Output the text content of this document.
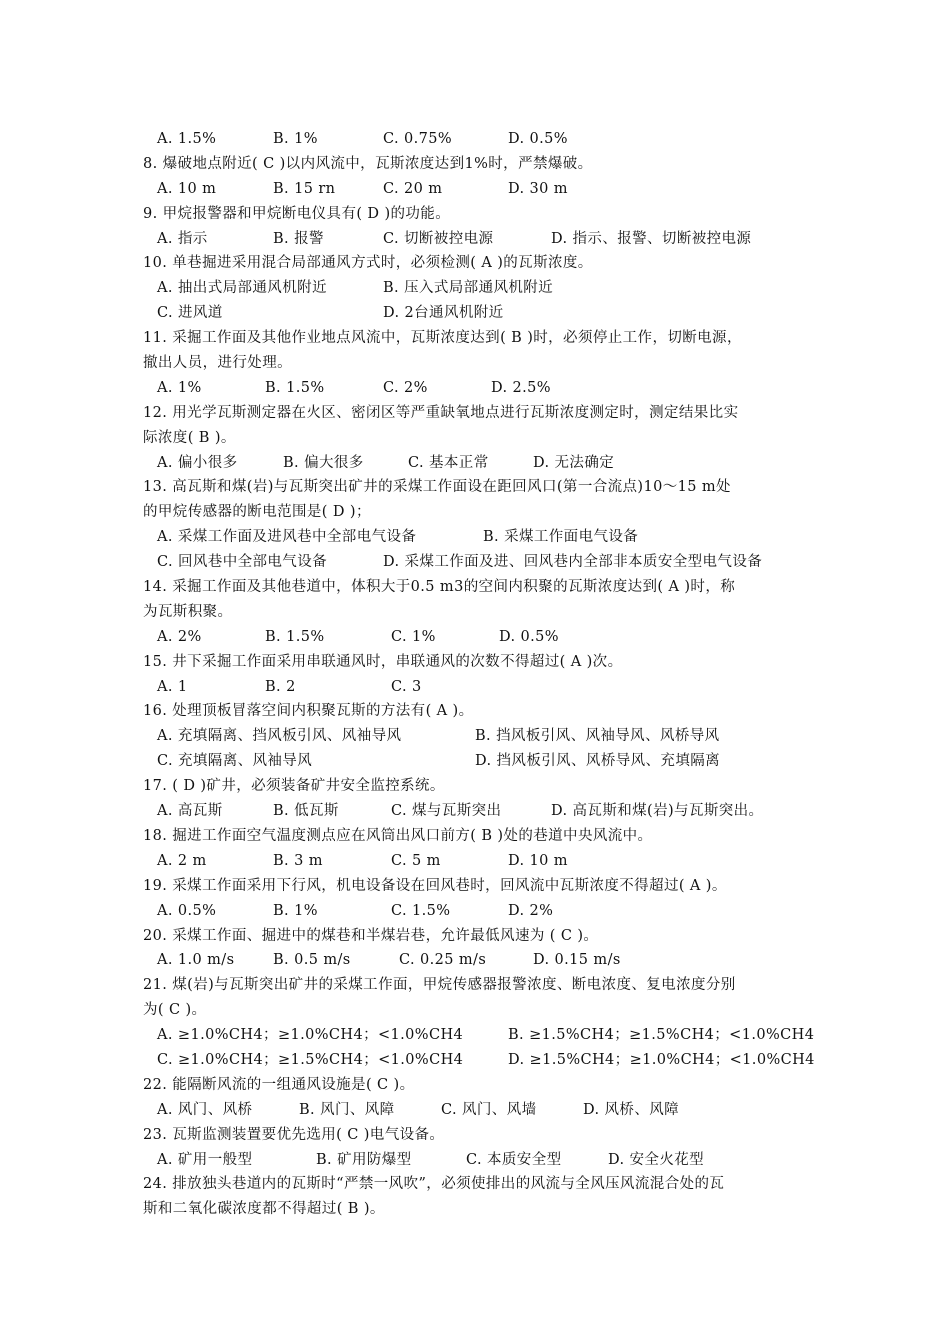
A. 1.5%	B. 1%	C. 0.75%	D. 0.5%
8. 爆破地点附近( C )以内风流中，瓦斯浓度达到1%时，严禁爆破。
A. 10 m	B. 15 rn	C. 20 m	D. 30 m
9. 甲烷报警器和甲烷断电仪具有( D )的功能。
A. 指示	B. 报警	C. 切断被控电源	D. 指示、报警、切断被控电源
10. 单巷掘进采用混合局部通风方式时，必须检测( A )的瓦斯浓度。
A. 抽出式局部通风机附近	B. 压入式局部通风机附近
C. 进风道	D. 2台通风机附近
11. 采掘工作面及其他作业地点风流中，瓦斯浓度达到( B )时，必须停止工作，切断电源，
撤出人员，进行处理。
A. 1%	B. 1.5%	C. 2%	D. 2.5%
12. 用光学瓦斯测定器在火区、密闭区等严重缺氧地点进行瓦斯浓度测定时，测定结果比实
际浓度( B )。
A. 偏小很多	B. 偏大很多	C. 基本正常	D. 无法确定
13. 高瓦斯和煤(岩)与瓦斯突出矿井的采煤工作面设在距回风口(第一合流点)10～15 m处
的甲烷传感器的断电范围是( D )；
A. 采煤工作面及进风巷中全部电气设备	B. 采煤工作面电气设备
C. 回风巷中全部电气设备	D. 采煤工作面及进、回风巷内全部非本质安全型电气设备
14. 采掘工作面及其他巷道中，体积大于0.5 m3的空间内积聚的瓦斯浓度达到( A )时，称
为瓦斯积聚。
A. 2%	B. 1.5%	C. 1%	D. 0.5%
15. 井下采掘工作面采用串联通风时，串联通风的次数不得超过( A )次。
A. 1	B. 2	C. 3
16. 处理顶板冒落空间内积聚瓦斯的方法有( A )。
A. 充填隔离、挡风板引风、风袖导风	B. 挡风板引风、风袖导风、风桥导风
C. 充填隔离、风袖导风	D. 挡风板引风、风桥导风、充填隔离
17. ( D )矿井，必须装备矿井安全监控系统。
A. 高瓦斯	B. 低瓦斯	C. 煤与瓦斯突出	D. 高瓦斯和煤(岩)与瓦斯突出。
18. 掘进工作面空气温度测点应在风筒出风口前方( B )处的巷道中央风流中。
A. 2 m	B. 3 m	C. 5 m	D. 10 m
19. 采煤工作面采用下行风，机电设备设在回风巷时，回风流中瓦斯浓度不得超过( A )。
A. 0.5%	B. 1%	C. 1.5%	D. 2%
20. 采煤工作面、掘进中的煤巷和半煤岩巷，允许最低风速为 ( C )。
A. 1.0 m/s	B. 0.5 m/s	C. 0.25 m/s	D. 0.15 m/s
21. 煤(岩)与瓦斯突出矿井的采煤工作面，甲烷传感器报警浓度、断电浓度、复电浓度分别
为( C )。
A. ≥1.0%CH4；≥1.0%CH4；<1.0%CH4	B. ≥1.5%CH4；≥1.5%CH4；<1.0%CH4
C. ≥1.0%CH4；≥1.5%CH4；<1.0%CH4	D. ≥1.5%CH4；≥1.0%CH4；<1.0%CH4
22. 能隔断风流的一组通风设施是( C )。
A. 风门、风桥	B. 风门、风障	C. 风门、风墙	D. 风桥、风障
23. 瓦斯监测装置要优先选用( C )电气设备。
A. 矿用一般型	B. 矿用防爆型	C. 本质安全型	D. 安全火花型
24. 排放独头巷道内的瓦斯时“严禁一风吹”，必须使排出的风流与全风压风流混合处的瓦
斯和二氧化碳浓度都不得超过( B )。
